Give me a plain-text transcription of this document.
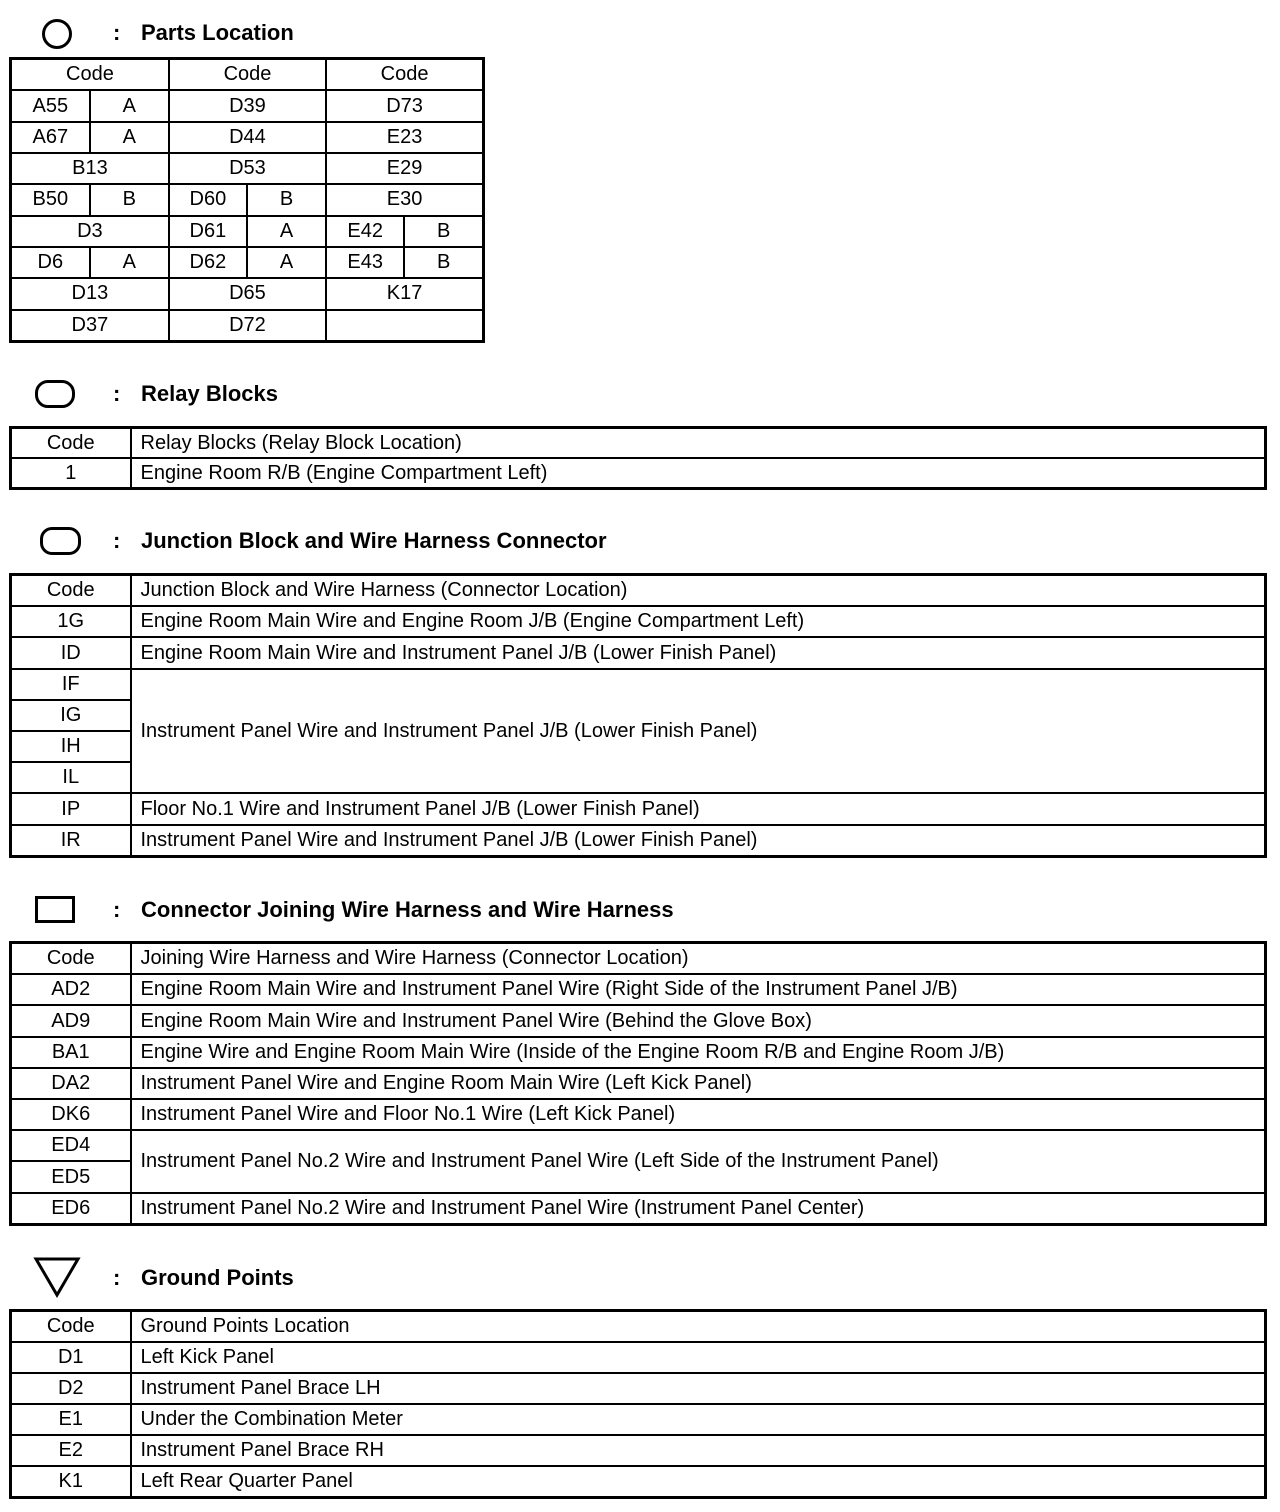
: Parts Location
Code		Code		Code	
A55	A	D39		D73	
A67	A	D44		E23	
B13		D53		E29	
B50	B	D60	B	E30	
D3		D61	A	E42	B
D6	A	D62	A	E43	B
D13		D65		K17	
D37		D72			
: Relay Blocks
Code	Relay Blocks (Relay Block Location)
1	Engine Room R/B (Engine Compartment Left)
: Junction Block and Wire Harness Connector
Code	Junction Block and Wire Harness (Connector Location)
1G	Engine Room Main Wire and Engine Room J/B (Engine Compartment Left)
ID	Engine Room Main Wire and Instrument Panel J/B (Lower Finish Panel)
IF	Instrument Panel Wire and Instrument Panel J/B (Lower Finish Panel)
IG	
IH	
IL	
IP	Floor No.1 Wire and Instrument Panel J/B (Lower Finish Panel)
IR	Instrument Panel Wire and Instrument Panel J/B (Lower Finish Panel)
: Connector Joining Wire Harness and Wire Harness
Code	Joining Wire Harness and Wire Harness (Connector Location)
AD2	Engine Room Main Wire and Instrument Panel Wire (Right Side of the Instrument Panel J/B)
AD9	Engine Room Main Wire and Instrument Panel Wire (Behind the Glove Box)
BA1	Engine Wire and Engine Room Main Wire (Inside of the Engine Room R/B and Engine Room J/B)
DA2	Instrument Panel Wire and Engine Room Main Wire (Left Kick Panel)
DK6	Instrument Panel Wire and Floor No.1 Wire (Left Kick Panel)
ED4	Instrument Panel No.2 Wire and Instrument Panel Wire (Left Side of the Instrument Panel)
ED5	
ED6	Instrument Panel No.2 Wire and Instrument Panel Wire (Instrument Panel Center)
: Ground Points
Code	Ground Points Location
D1	Left Kick Panel
D2	Instrument Panel Brace LH
E1	Under the Combination Meter
E2	Instrument Panel Brace RH
K1	Left Rear Quarter Panel
